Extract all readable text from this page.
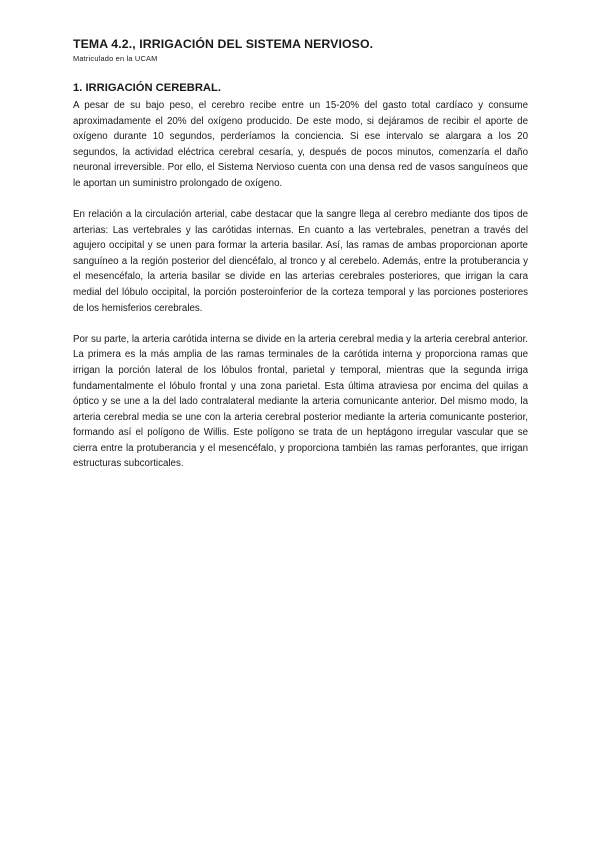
TEMA 4.2., IRRIGACIÓN DEL SISTEMA NERVIOSO.

Matriculado en la UCAM

1. IRRIGACIÓN CEREBRAL.

A pesar de su bajo peso, el cerebro recibe entre un 15-20% del gasto total cardíaco y consume aproximadamente el 20% del oxígeno producido. De este modo, si dejáramos de recibir el aporte de oxígeno durante 10 segundos, perderíamos la conciencia. Si ese intervalo se alargara a los 20 segundos, la actividad eléctrica cerebral cesaría, y, después de pocos minutos, comenzaría el daño neuronal irreversible. Por ello, el Sistema Nervioso cuenta con una densa red de vasos sanguíneos que le aportan un suministro prolongado de oxígeno.

En relación a la circulación arterial, cabe destacar que la sangre llega al cerebro mediante dos tipos de arterias: Las vertebrales y las carótidas internas. En cuanto a las vertebrales, penetran a través del agujero occipital y se unen para formar la arteria basilar. Así, las ramas de ambas proporcionan aporte sanguíneo a la región posterior del diencéfalo, al tronco y al cerebelo. Además, entre la protuberancia y el mesencéfalo, la arteria basilar se divide en las arterias cerebrales posteriores, que irrigan la cara medial del lóbulo occipital, la porción posteroinferior de la corteza temporal y las porciones posteriores de los hemisferios cerebrales.

Por su parte, la arteria carótida interna se divide en la arteria cerebral media y la arteria cerebral anterior. La primera es la más amplia de las ramas terminales de la carótida interna y proporciona ramas que irrigan la porción lateral de los lóbulos frontal, parietal y temporal, mientras que la segunda irriga fundamentalmente el lóbulo frontal y una zona parietal. Esta última atraviesa por encima del quilas a óptico y se une a la del lado contralateral mediante la arteria comunicante anterior. Del mismo modo, la arteria cerebral media se une con la arteria cerebral posterior mediante la arteria comunicante posterior, formando así el polígono de Willis. Este polígono se trata de un heptágono irregular vascular que se cierra entre la protuberancia y el mesencéfalo, y proporciona también las ramas perforantes, que irrigan estructuras subcorticales.
